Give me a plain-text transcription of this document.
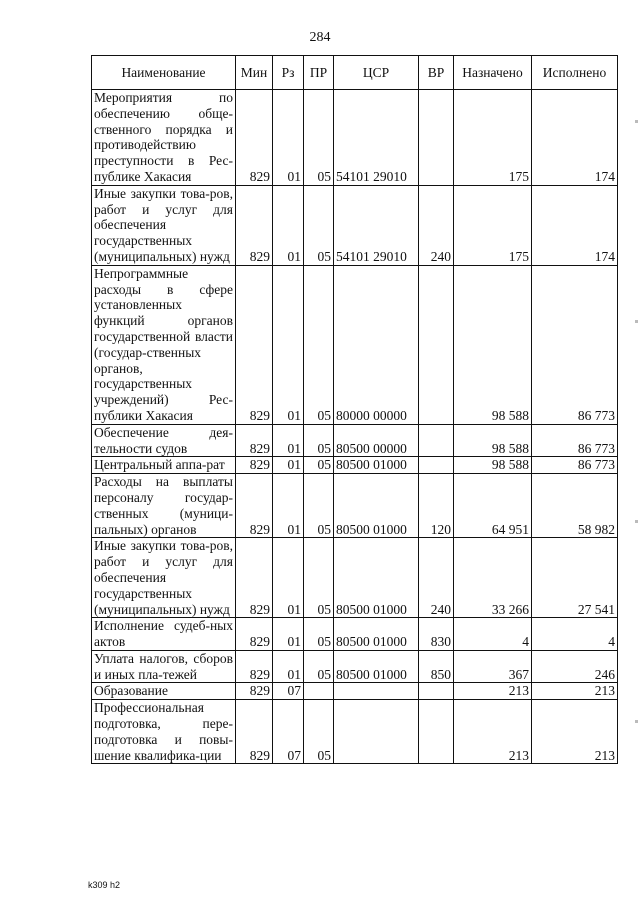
284
Наименование	Мин	Рз	ПР	ЦСР	ВР	Назначено	Исполнено
Мероприятия по обеспечению обще-ственного порядка и противодействию преступности в Рес-публике Хакасия	829	01	05	54101 29010		175	174
Иные закупки това-ров, работ и услуг для обеспечения государственных (муниципальных) нужд	829	01	05	54101 29010	240	175	174
Непрограммные расходы в сфере установленных функций органов государственной власти (государ-ственных органов, государственных учреждений) Рес-публики Хакасия	829	01	05	80000 00000		98 588	86 773
Обеспечение дея-тельности судов	829	01	05	80500 00000		98 588	86 773
Центральный аппа-рат	829	01	05	80500 01000		98 588	86 773
Расходы на выплаты персоналу государ-ственных (муници-пальных) органов	829	01	05	80500 01000	120	64 951	58 982
Иные закупки това-ров, работ и услуг для обеспечения государственных (муниципальных) нужд	829	01	05	80500 01000	240	33 266	27 541
Исполнение судеб-ных актов	829	01	05	80500 01000	830	4	4
Уплата налогов, сборов и иных пла-тежей	829	01	05	80500 01000	850	367	246
Образование	829	07				213	213
Профессиональная подготовка, пере-подготовка и повы-шение квалифика-ции	829	07	05			213	213
k309 h2
